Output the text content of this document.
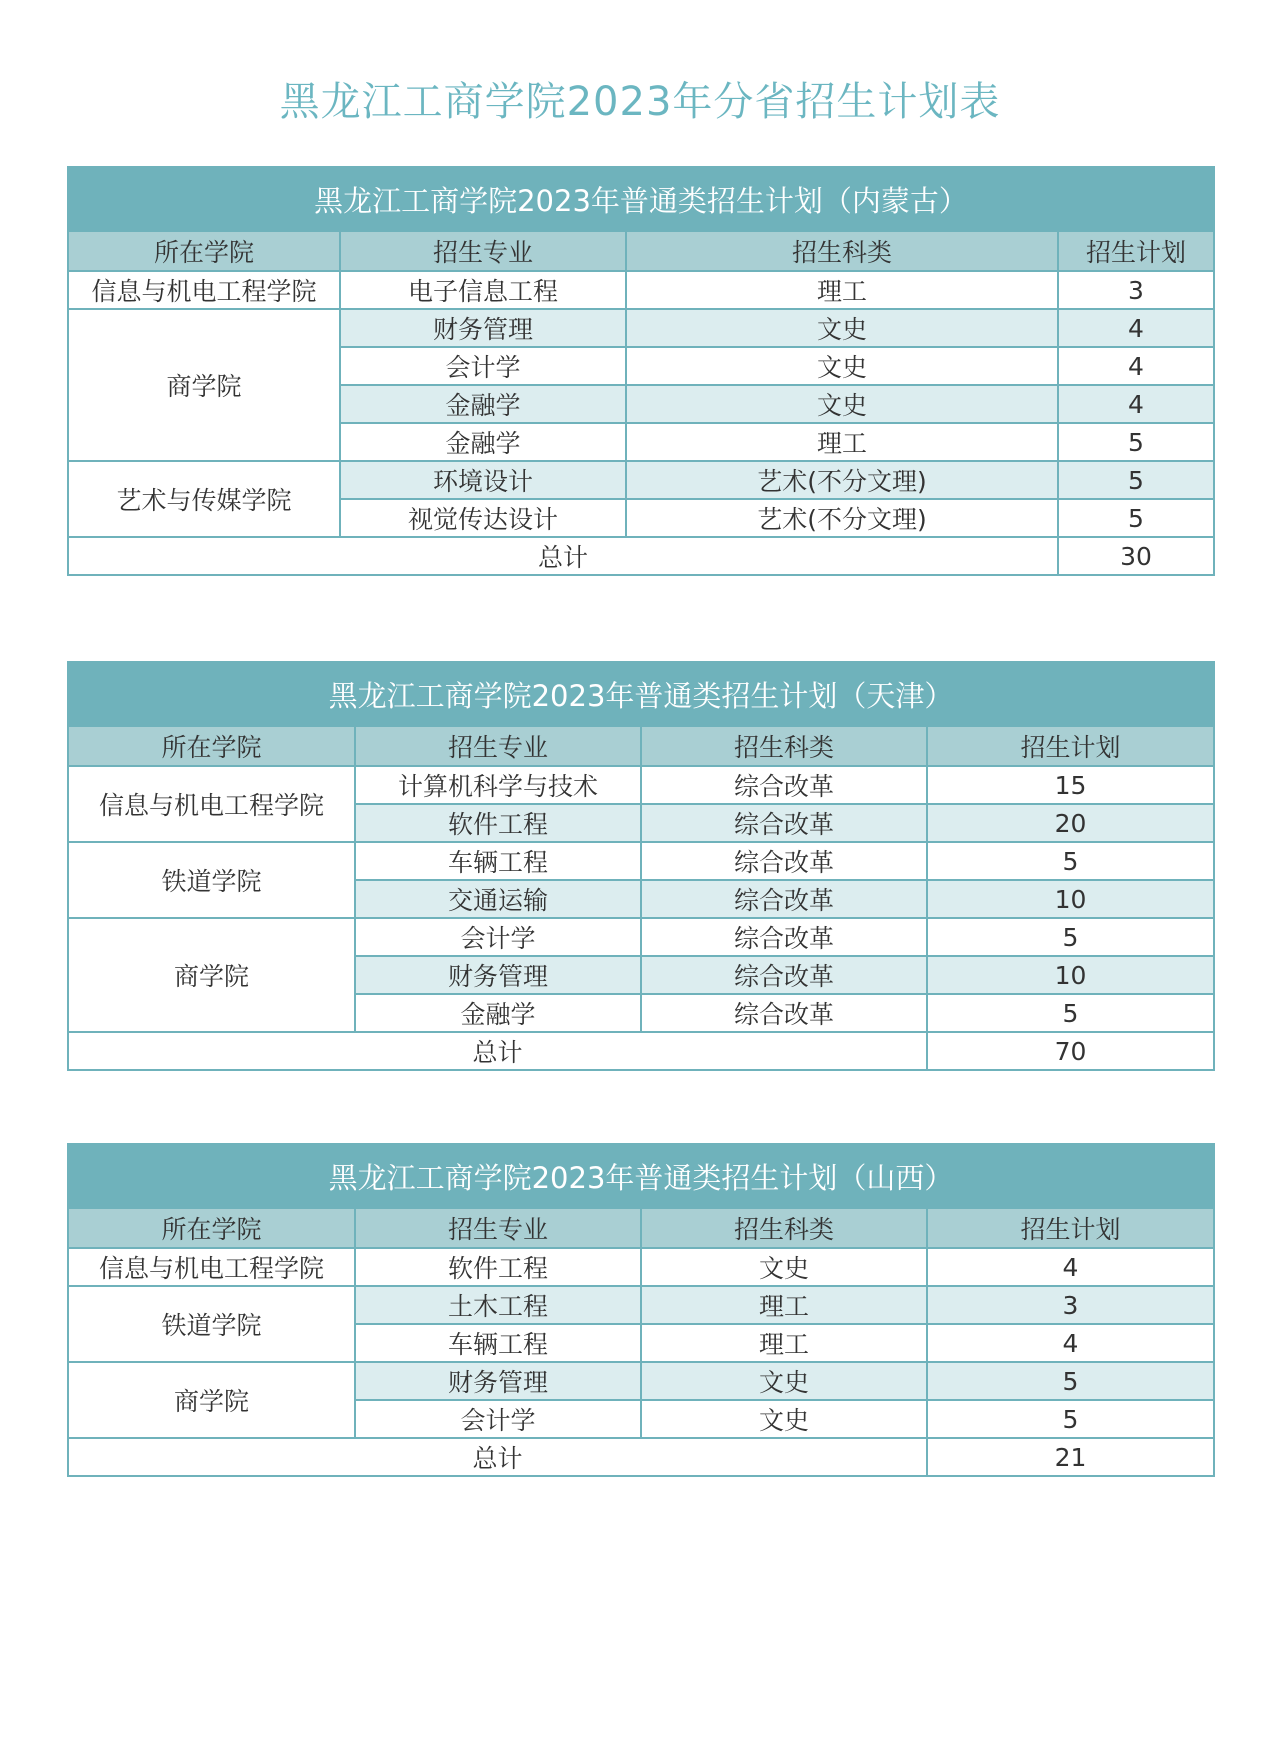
黑龙江工商学院2023年分省招生计划表
黑龙江工商学院2023年普通类招生计划（内蒙古）			
所在学院	招生专业	招生科类	招生计划
信息与机电工程学院	电子信息工程	理工	3
商学院	财务管理	文史	4
	会计学	文史	4
	金融学	文史	4
	金融学	理工	5
艺术与传媒学院	环境设计	艺术(不分文理)	5
	视觉传达设计	艺术(不分文理)	5
总计			30
黑龙江工商学院2023年普通类招生计划（天津）			
所在学院	招生专业	招生科类	招生计划
信息与机电工程学院	计算机科学与技术	综合改革	15
	软件工程	综合改革	20
铁道学院	车辆工程	综合改革	5
	交通运输	综合改革	10
商学院	会计学	综合改革	5
	财务管理	综合改革	10
	金融学	综合改革	5
总计			70
黑龙江工商学院2023年普通类招生计划（山西）			
所在学院	招生专业	招生科类	招生计划
信息与机电工程学院	软件工程	文史	4
铁道学院	土木工程	理工	3
	车辆工程	理工	4
商学院	财务管理	文史	5
	会计学	文史	5
总计			21
